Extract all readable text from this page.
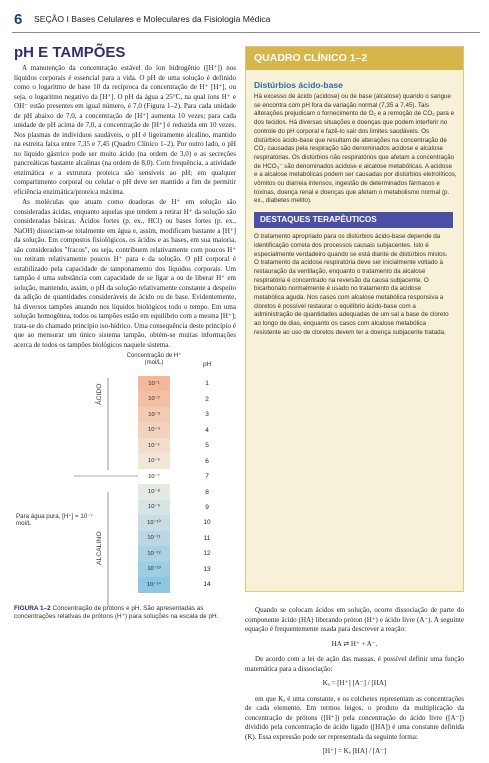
6 SEÇÃO I Bases Celulares e Moleculares da Fisiologia Médica
pH E TAMPÕES

A manutenção da concentração estável do íon hidrogênio ([H⁺]) nos líquidos corporais é essencial para a vida. O pH de uma solução é definido como o logaritmo de base 10 da recíproca da concentração de H⁺ [H⁺], ou seja, o logaritmo negativo da [H⁺]. O pH da água a 25°C, na qual íons H⁺ e OH⁻ estão presentes em igual número, é 7,0 (Figura 1–2). Para cada unidade de pH abaixo de 7,0, a concentração de [H⁺] aumenta 10 vezes; para cada unidade de pH acima de 7,0, a concentração de [H⁺] é reduzida em 10 vezes. Nos plasmas de indivíduos saudáveis, o pH é ligeiramente alcalino, mantido na estreita faixa entre 7,35 e 7,45 (Quadro Clínico 1–2). Por outro lado, o pH no líquido gástrico pode ser muito ácido (na ordem de 3,0) e as secreções pancreáticas bastante alcalinas (na ordem de 8,0). Com frequência, a atividade enzimática e a estrutura proteica são sensíveis ao pH; em qualquer compartimento corporal ou celular o pH deve ser mantido a fim de permitir eficiência enzimática/proteica máxima.

As moléculas que atuam como doadoras de H⁺ em solução são consideradas ácidas, enquanto aquelas que tendem a retirar H⁺ da solução são consideradas básicas. Ácidos fortes (p. ex., HCl) ou bases fortes (p. ex., NaOH) dissociam-se totalmente em água e, assim, modificam bastante a [H⁺] da solução. Em compostos fisiológicos, os ácidos e as bases, em sua maioria, são considerados "fracos", ou seja, contribuem relativamente com poucos H⁺ ou retiram relativamente poucos H⁺ para e da solução. O pH corporal é estabilizado pela capacidade de tamponamento dos líquidos corporais. Um tampão é uma substância com capacidade de se ligar a ou de liberar H⁺ em solução, mantendo, assim, o pH da solução relativamente constante a despeito da adição de quantidades consideráveis de ácido ou de base. Evidentemente, há diversos tampões atuando nos líquidos biológicos todo o tempo. Em uma solução homogênea, todos os tampões estão em equilíbrio com a mesma [H⁺]; trata-se do chamado princípio iso-hídrico. Uma consequência deste princípio é que ao mensurar um único sistema tampão, obtém-se muitas informações acerca de todos os tampões biológicos naquele sistema.

QUADRO CLÍNICO 1–2
Distúrbios ácido-base
Há excesso de ácido (acidose) ou de base (alcalose) quando o sangue se encontra com pH fora da variação normal (7,35 a 7,45). Tais alterações prejudicam o fornecimento de O₂ e a remoção de CO₂ para e dos tecidos. Há diversas situações e doenças que podem interferir no controle do pH corporal e fazê-lo sair dos limites saudáveis. Os distúrbios ácido-base que resultam de alterações na concentração de CO₂ causadas pela respiração são denominados acidose e alcalose respiratórias. Os distúrbios não respiratórios que afetam a concentração de HCO₃⁻ são denominados acidose e alcalose metabólicas. A acidose e a alcalose metabólicas podem ser causadas por distúrbios eletrolíticos, vômitos ou diarreia intensos, ingestão de determinados fármacos e toxinas, doença renal e doenças que afetam o metabolismo normal (p. ex., diabetes melito).
DESTAQUES TERAPÊUTICOS
O tratamento apropriado para os distúrbios ácido-base depende da identificação correta dos processos causais subjacentes. Isto é especialmente verdadeiro quando se está diante de distúrbios mistos. O tratamento da acidose respiratória deve ser inicialmente voltado à restauração da ventilação, enquanto o tratamento da alcalose respiratória é concentrado na reversão da causa subjacente. O bicarbonato normalmente é usado no tratamento da acidose metabólica aguda. Nos casos com alcalose metabólica responsiva a cloretos é possível restaurar o equilíbrio ácido-base com a administração de quantidades adequadas de um sal a base de cloreto ao longo de dias, enquanto os casos com alcalose metabólica resistente ao uso de cloretos devem ter a doença subjacente tratada.
Concentração de H⁺ (mol/L)	pH
10⁻¹
10⁻²
10⁻³
10⁻⁴
10⁻⁵
10⁻⁶
10⁻⁷
10⁻⁸
10⁻⁹
10⁻¹⁰
10⁻¹¹
10⁻¹²
10⁻¹³
10⁻¹⁴
1
2
3
4
5
6
7
8
9
10
11
12
13
14
ÁCIDO
ALCALINO
Para água pura, [H⁺] = 10⁻⁷ mol/L
FIGURA 1–2 Concentração de prótons e pH. São apresentadas as concentrações relativas de prótons (H⁺) para soluções na escala de pH.

Quando se colocam ácidos em solução, ocorre dissociação de parte do componente ácido (HA) liberando próton (H⁺) e ácido livre (A⁻). A seguinte equação é frequentemente usada para descrever a reação:

HA ⇄ H⁺ + A⁻.

De acordo com a lei de ação das massas, é possível definir uma função matemática para a dissociação:

Kₐ = [H⁺] [A⁻] / [HA]

em que Kₐ é uma constante, e os colchetes representam as concentrações de cada elemento. Em termos leigos, o produto da multiplicação da concentração de prótons ([H⁺]) pela concentração do ácido livre ([A⁻]) dividido pela concentração de ácido ligado ([HA]) é uma constante definida (K). Essa expressão pode ser representada da seguinte forma:

[H⁺] = Kₐ [HA] / [A⁻]
